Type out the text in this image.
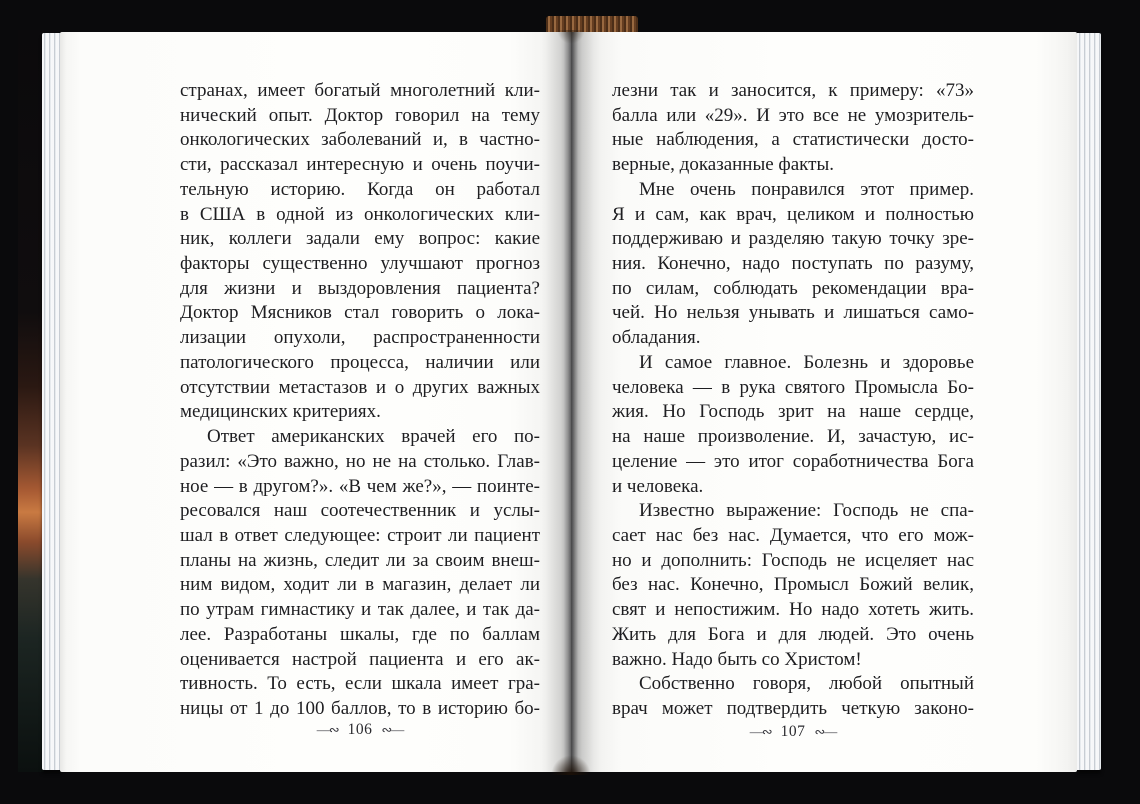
странах, имеет богатый многолетний кли-
нический опыт. Доктор говорил на тему
онкологических заболеваний и, в частно-
сти, рассказал интересную и очень поучи-
тельную историю. Когда он работал
в США в одной из онкологических кли-
ник, коллеги задали ему вопрос: какие
факторы существенно улучшают прогноз
для жизни и выздоровления пациента?
Доктор Мясников стал говорить о лока-
лизации опухоли, распространенности
патологического процесса, наличии или
отсутствии метастазов и о других важных
медицинских критериях.
Ответ американских врачей его по-
разил: «Это важно, но не на столько. Глав-
ное — в другом?». «В чем же?», — поинте-
ресовался наш соотечественник и услы-
шал в ответ следующее: строит ли пациент
планы на жизнь, следит ли за своим внеш-
ним видом, ходит ли в магазин, делает ли
по утрам гимнастику и так далее, и так да-
лее. Разработаны шкалы, где по баллам
оценивается настрой пациента и его ак-
тивность. То есть, если шкала имеет гра-
ницы от 1 до 100 баллов, то в историю бо-
лезни так и заносится, к примеру: «73»
балла или «29». И это все не умозритель-
ные наблюдения, а статистически досто-
верные, доказанные факты.
Мне очень понравился этот пример.
Я и сам, как врач, целиком и полностью
поддерживаю и разделяю такую точку зре-
ния. Конечно, надо поступать по разуму,
по силам, соблюдать рекомендации вра-
чей. Но нельзя унывать и лишаться само-
обладания.
И самое главное. Болезнь и здоровье
человека — в рука святого Промысла Бо-
жия. Но Господь зрит на наше сердце,
на наше произволение. И, зачастую, ис-
целение — это итог соработничества Бога
и человека.
Известно выражение: Господь не спа-
сает нас без нас. Думается, что его мож-
но и дополнить: Господь не исцеляет нас
без нас. Конечно, Промысл Божий велик,
свят и непостижим. Но надо хотеть жить.
Жить для Бога и для людей. Это очень
важно. Надо быть со Христом!
Собственно говоря, любой опытный
врач может подтвердить четкую законо-
—∾ 106 ∾—	—∾ 107 ∾—
